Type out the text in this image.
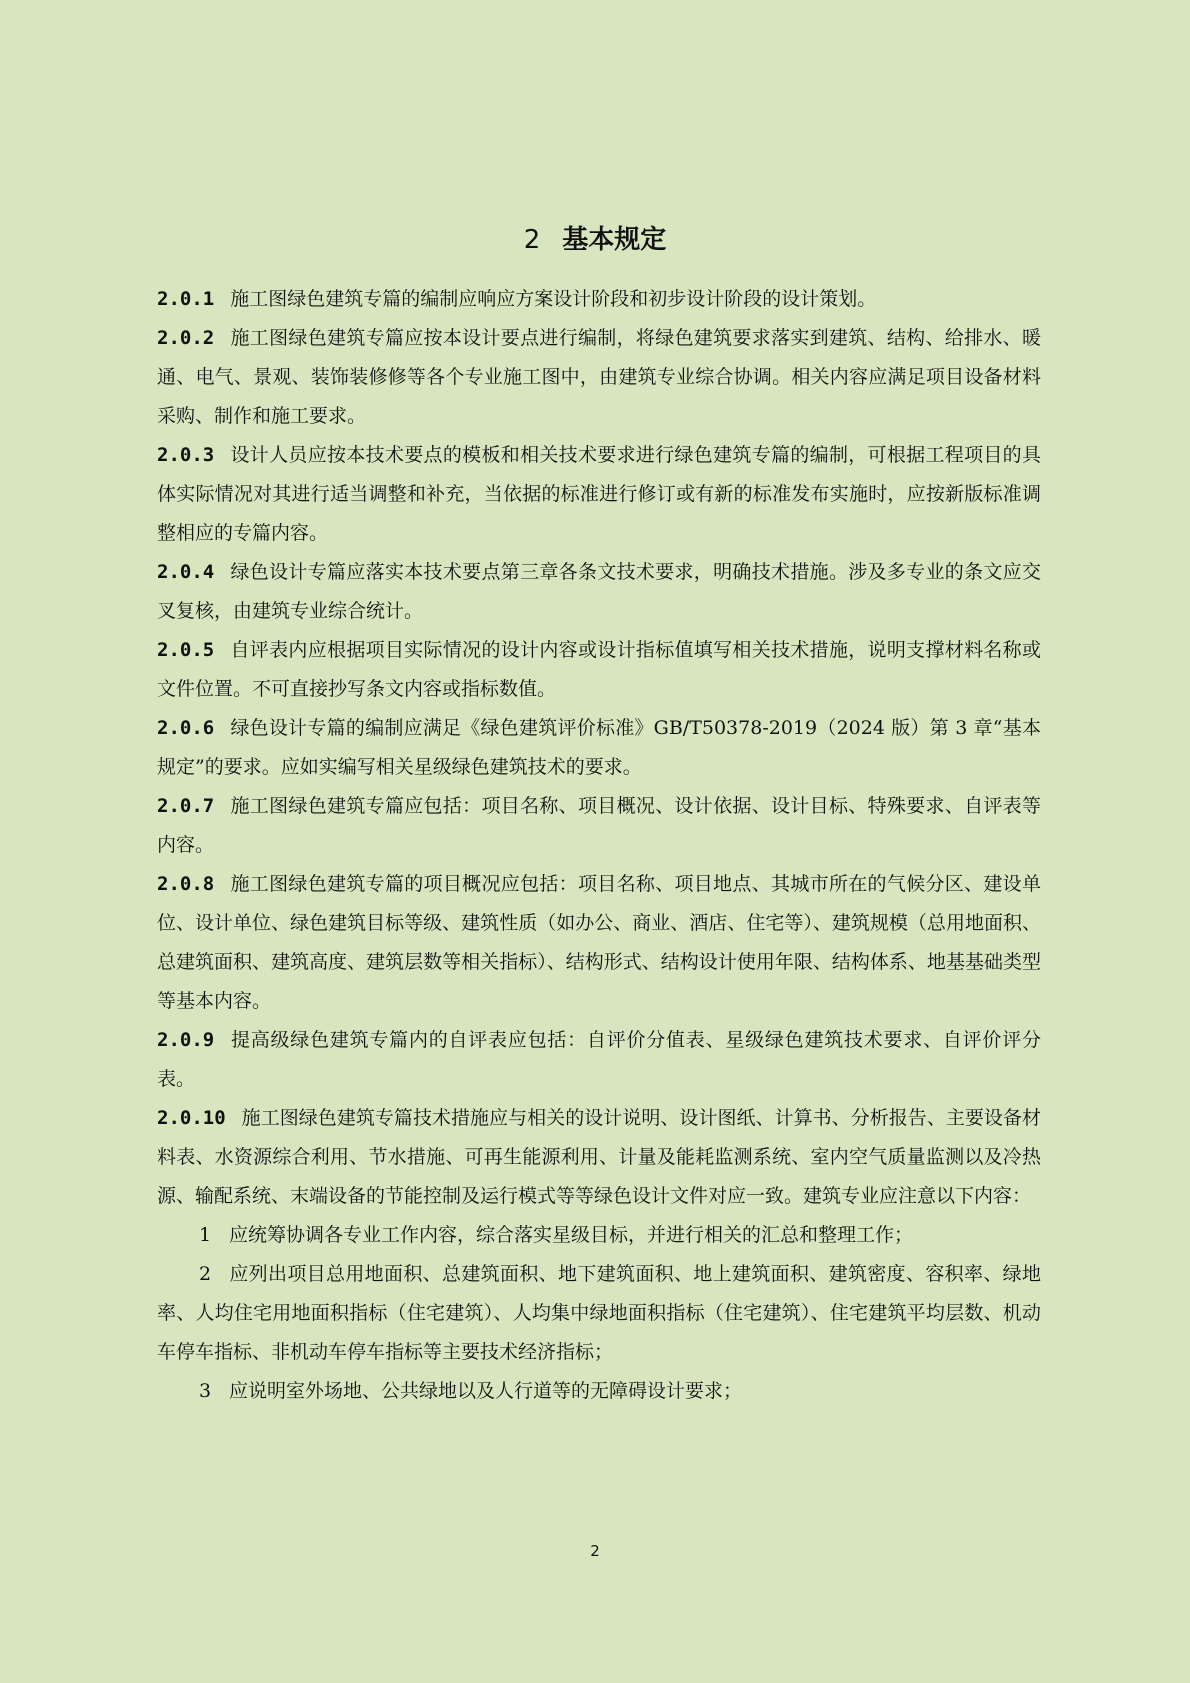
2 基本规定

2.0.1 施工图绿色建筑专篇的编制应响应方案设计阶段和初步设计阶段的设计策划。

2.0.2 施工图绿色建筑专篇应按本设计要点进行编制，将绿色建筑要求落实到建筑、结构、给排水、暖通、电气、景观、装饰装修修等各个专业施工图中，由建筑专业综合协调。相关内容应满足项目设备材料采购、制作和施工要求。

2.0.3 设计人员应按本技术要点的模板和相关技术要求进行绿色建筑专篇的编制，可根据工程项目的具体实际情况对其进行适当调整和补充，当依据的标准进行修订或有新的标准发布实施时，应按新版标准调整相应的专篇内容。

2.0.4 绿色设计专篇应落实本技术要点第三章各条文技术要求，明确技术措施。涉及多专业的条文应交叉复核，由建筑专业综合统计。

2.0.5 自评表内应根据项目实际情况的设计内容或设计指标值填写相关技术措施，说明支撑材料名称或文件位置。不可直接抄写条文内容或指标数值。

2.0.6 绿色设计专篇的编制应满足《绿色建筑评价标准》GB/T50378-2019（2024 版）第 3 章“基本规定”的要求。应如实编写相关星级绿色建筑技术的要求。

2.0.7 施工图绿色建筑专篇应包括：项目名称、项目概况、设计依据、设计目标、特殊要求、自评表等内容。

2.0.8 施工图绿色建筑专篇的项目概况应包括：项目名称、项目地点、其城市所在的气候分区、建设单位、设计单位、绿色建筑目标等级、建筑性质（如办公、商业、酒店、住宅等）、建筑规模（总用地面积、总建筑面积、建筑高度、建筑层数等相关指标）、结构形式、结构设计使用年限、结构体系、地基基础类型等基本内容。

2.0.9 提高级绿色建筑专篇内的自评表应包括：自评价分值表、星级绿色建筑技术要求、自评价评分表。

2.0.10 施工图绿色建筑专篇技术措施应与相关的设计说明、设计图纸、计算书、分析报告、主要设备材料表、水资源综合利用、节水措施、可再生能源利用、计量及能耗监测系统、室内空气质量监测以及冷热源、输配系统、末端设备的节能控制及运行模式等等绿色设计文件对应一致。建筑专业应注意以下内容：

1 应统筹协调各专业工作内容，综合落实星级目标，并进行相关的汇总和整理工作；

2 应列出项目总用地面积、总建筑面积、地下建筑面积、地上建筑面积、建筑密度、容积率、绿地率、人均住宅用地面积指标（住宅建筑）、人均集中绿地面积指标（住宅建筑）、住宅建筑平均层数、机动车停车指标、非机动车停车指标等主要技术经济指标；

3 应说明室外场地、公共绿地以及人行道等的无障碍设计要求；

2
